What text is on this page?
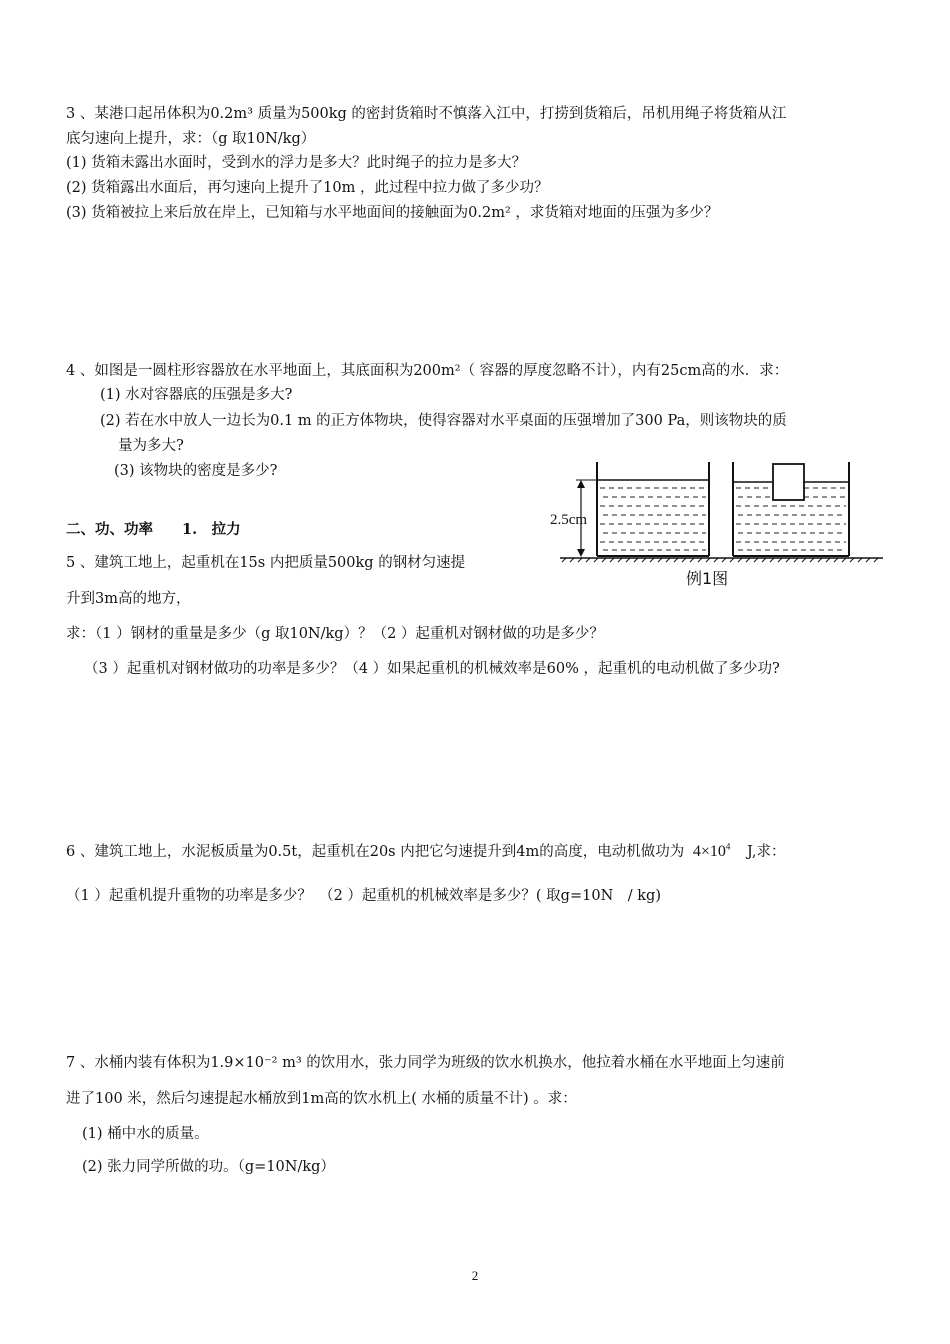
3 、某港口起吊体积为0.2m³ 质量为500kg 的密封货箱时不慎落入江中，打捞到货箱后，吊机用绳子将货箱从江
底匀速向上提升，求：（g 取10N/kg）
(1) 货箱未露出水面时，受到水的浮力是多大？此时绳子的拉力是多大？
(2) 货箱露出水面后，再匀速向上提升了10m ，此过程中拉力做了多少功？
(3) 货箱被拉上来后放在岸上，已知箱与水平地面间的接触面为0.2m² ，求货箱对地面的压强为多少？
4 、如图是一圆柱形容器放在水平地面上，其底面积为200m²（ 容器的厚度忽略不计），内有25cm高的水．求：
(1) 水对容器底的压强是多大?
(2) 若在水中放人一边长为0.1 m 的正方体物块，使得容器对水平桌面的压强增加了300 Pa，则该物块的质
量为多大?
(3) 该物块的密度是多少?
2.5cm
例1图
二、功、功率　　1.　拉力
5 、建筑工地上，起重机在15s 内把质量500kg 的钢材匀速提
升到3m高的地方，
求：（1 ）钢材的重量是多少（g 取10N/kg）？（2 ）起重机对钢材做的功是多少？
（3 ）起重机对钢材做功的功率是多少？（4 ）如果起重机的机械效率是60% ，起重机的电动机做了多少功?
6 、建筑工地上，水泥板质量为0.5t，起重机在20s 内把它匀速提升到4m的高度，电动机做功为 $4\times 10^4$ J,求：
（1 ）起重机提升重物的功率是多少？　（2 ）起重机的机械效率是多少？( 取g=10N　/ kg)
7 、水桶内装有体积为1.9×10⁻² m³ 的饮用水，张力同学为班级的饮水机换水，他拉着水桶在水平地面上匀速前
进了100 米，然后匀速提起水桶放到1m高的饮水机上( 水桶的质量不计) 。求：
(1) 桶中水的质量。
(2) 张力同学所做的功。（g=10N/kg）
2
